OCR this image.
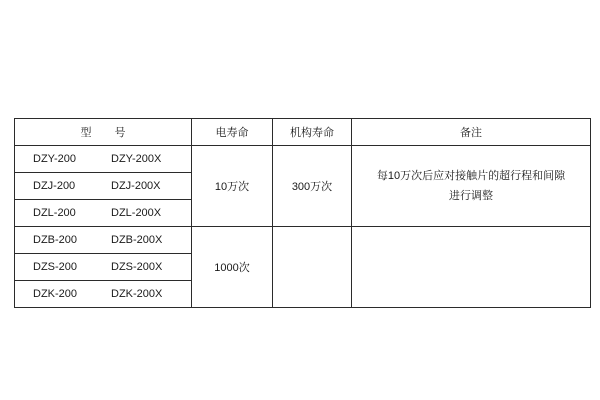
型　号	电寿命	机构寿命	备注

DZY-200 DZY-200X	10万次	300万次	每10万次后应对接触片的超行程和间隙
进行调整

DZJ-200 DZJ-200X			

DZL-200 DZL-200X			

DZB-200 DZB-200X	1000次		

DZS-200 DZS-200X			

DZK-200 DZK-200X			
